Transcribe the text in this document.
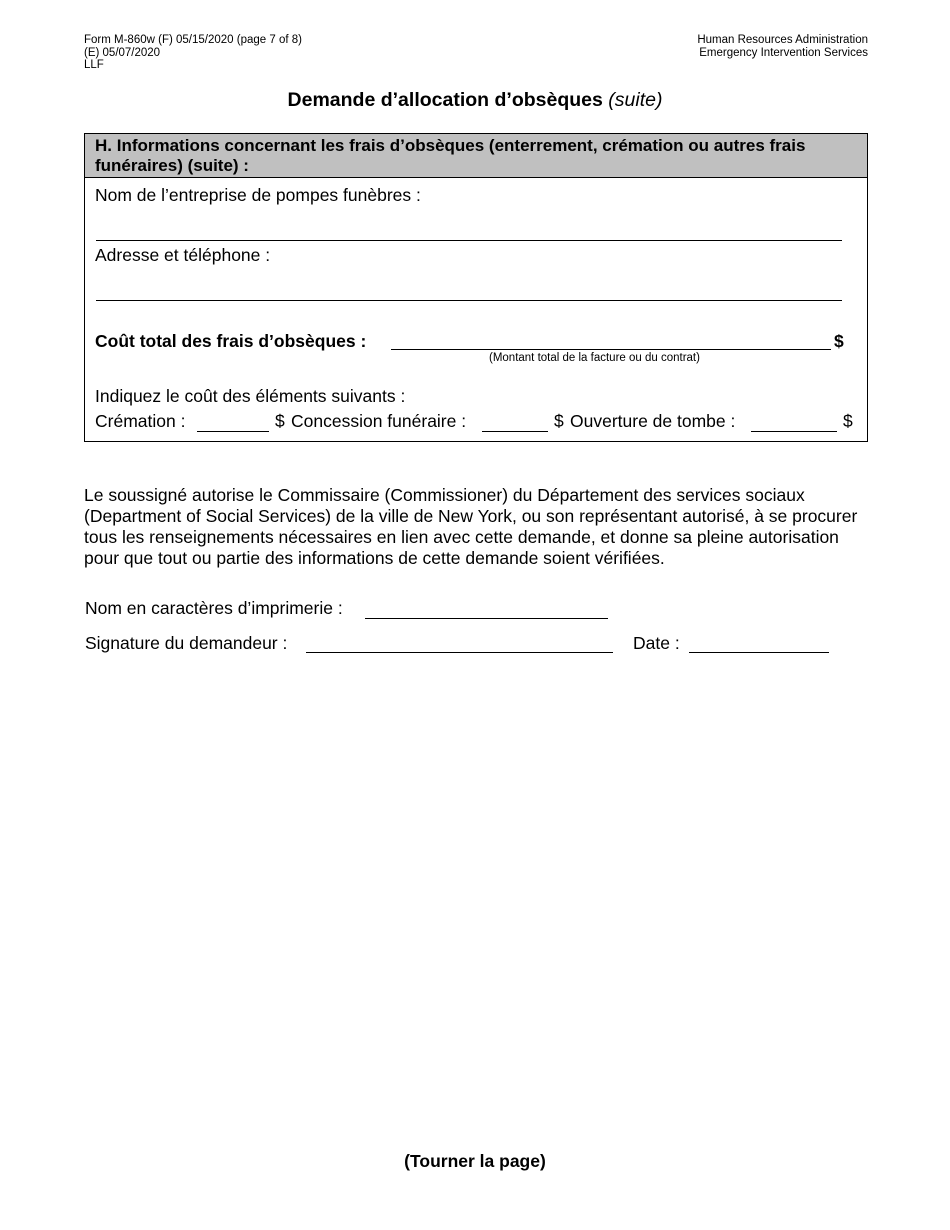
Form M-860w (F) 05/15/2020 (page 7 of 8)
(E) 05/07/2020
LLF
Human Resources Administration
Emergency Intervention Services
Demande d’allocation d’obsèques (suite)
H. Informations concernant les frais d’obsèques (enterrement, crémation ou autres frais funéraires) (suite) :
Nom de l’entreprise de pompes funèbres :
Adresse et téléphone :
Coût total des frais d’obsèques :	$
(Montant total de la facture ou du contrat)
Indiquez le coût des éléments suivants :
Crémation :	$ Concession funéraire :	$ Ouverture de tombe :	$
Le soussigné autorise le Commissaire (Commissioner) du Département des services sociaux (Department of Social Services) de la ville de New York, ou son représentant autorisé, à se procurer tous les renseignements nécessaires en lien avec cette demande, et donne sa pleine autorisation pour que tout ou partie des informations de cette demande soient vérifiées.
Nom en caractères d’imprimerie :
Signature du demandeur :	Date :
(Tourner la page)
